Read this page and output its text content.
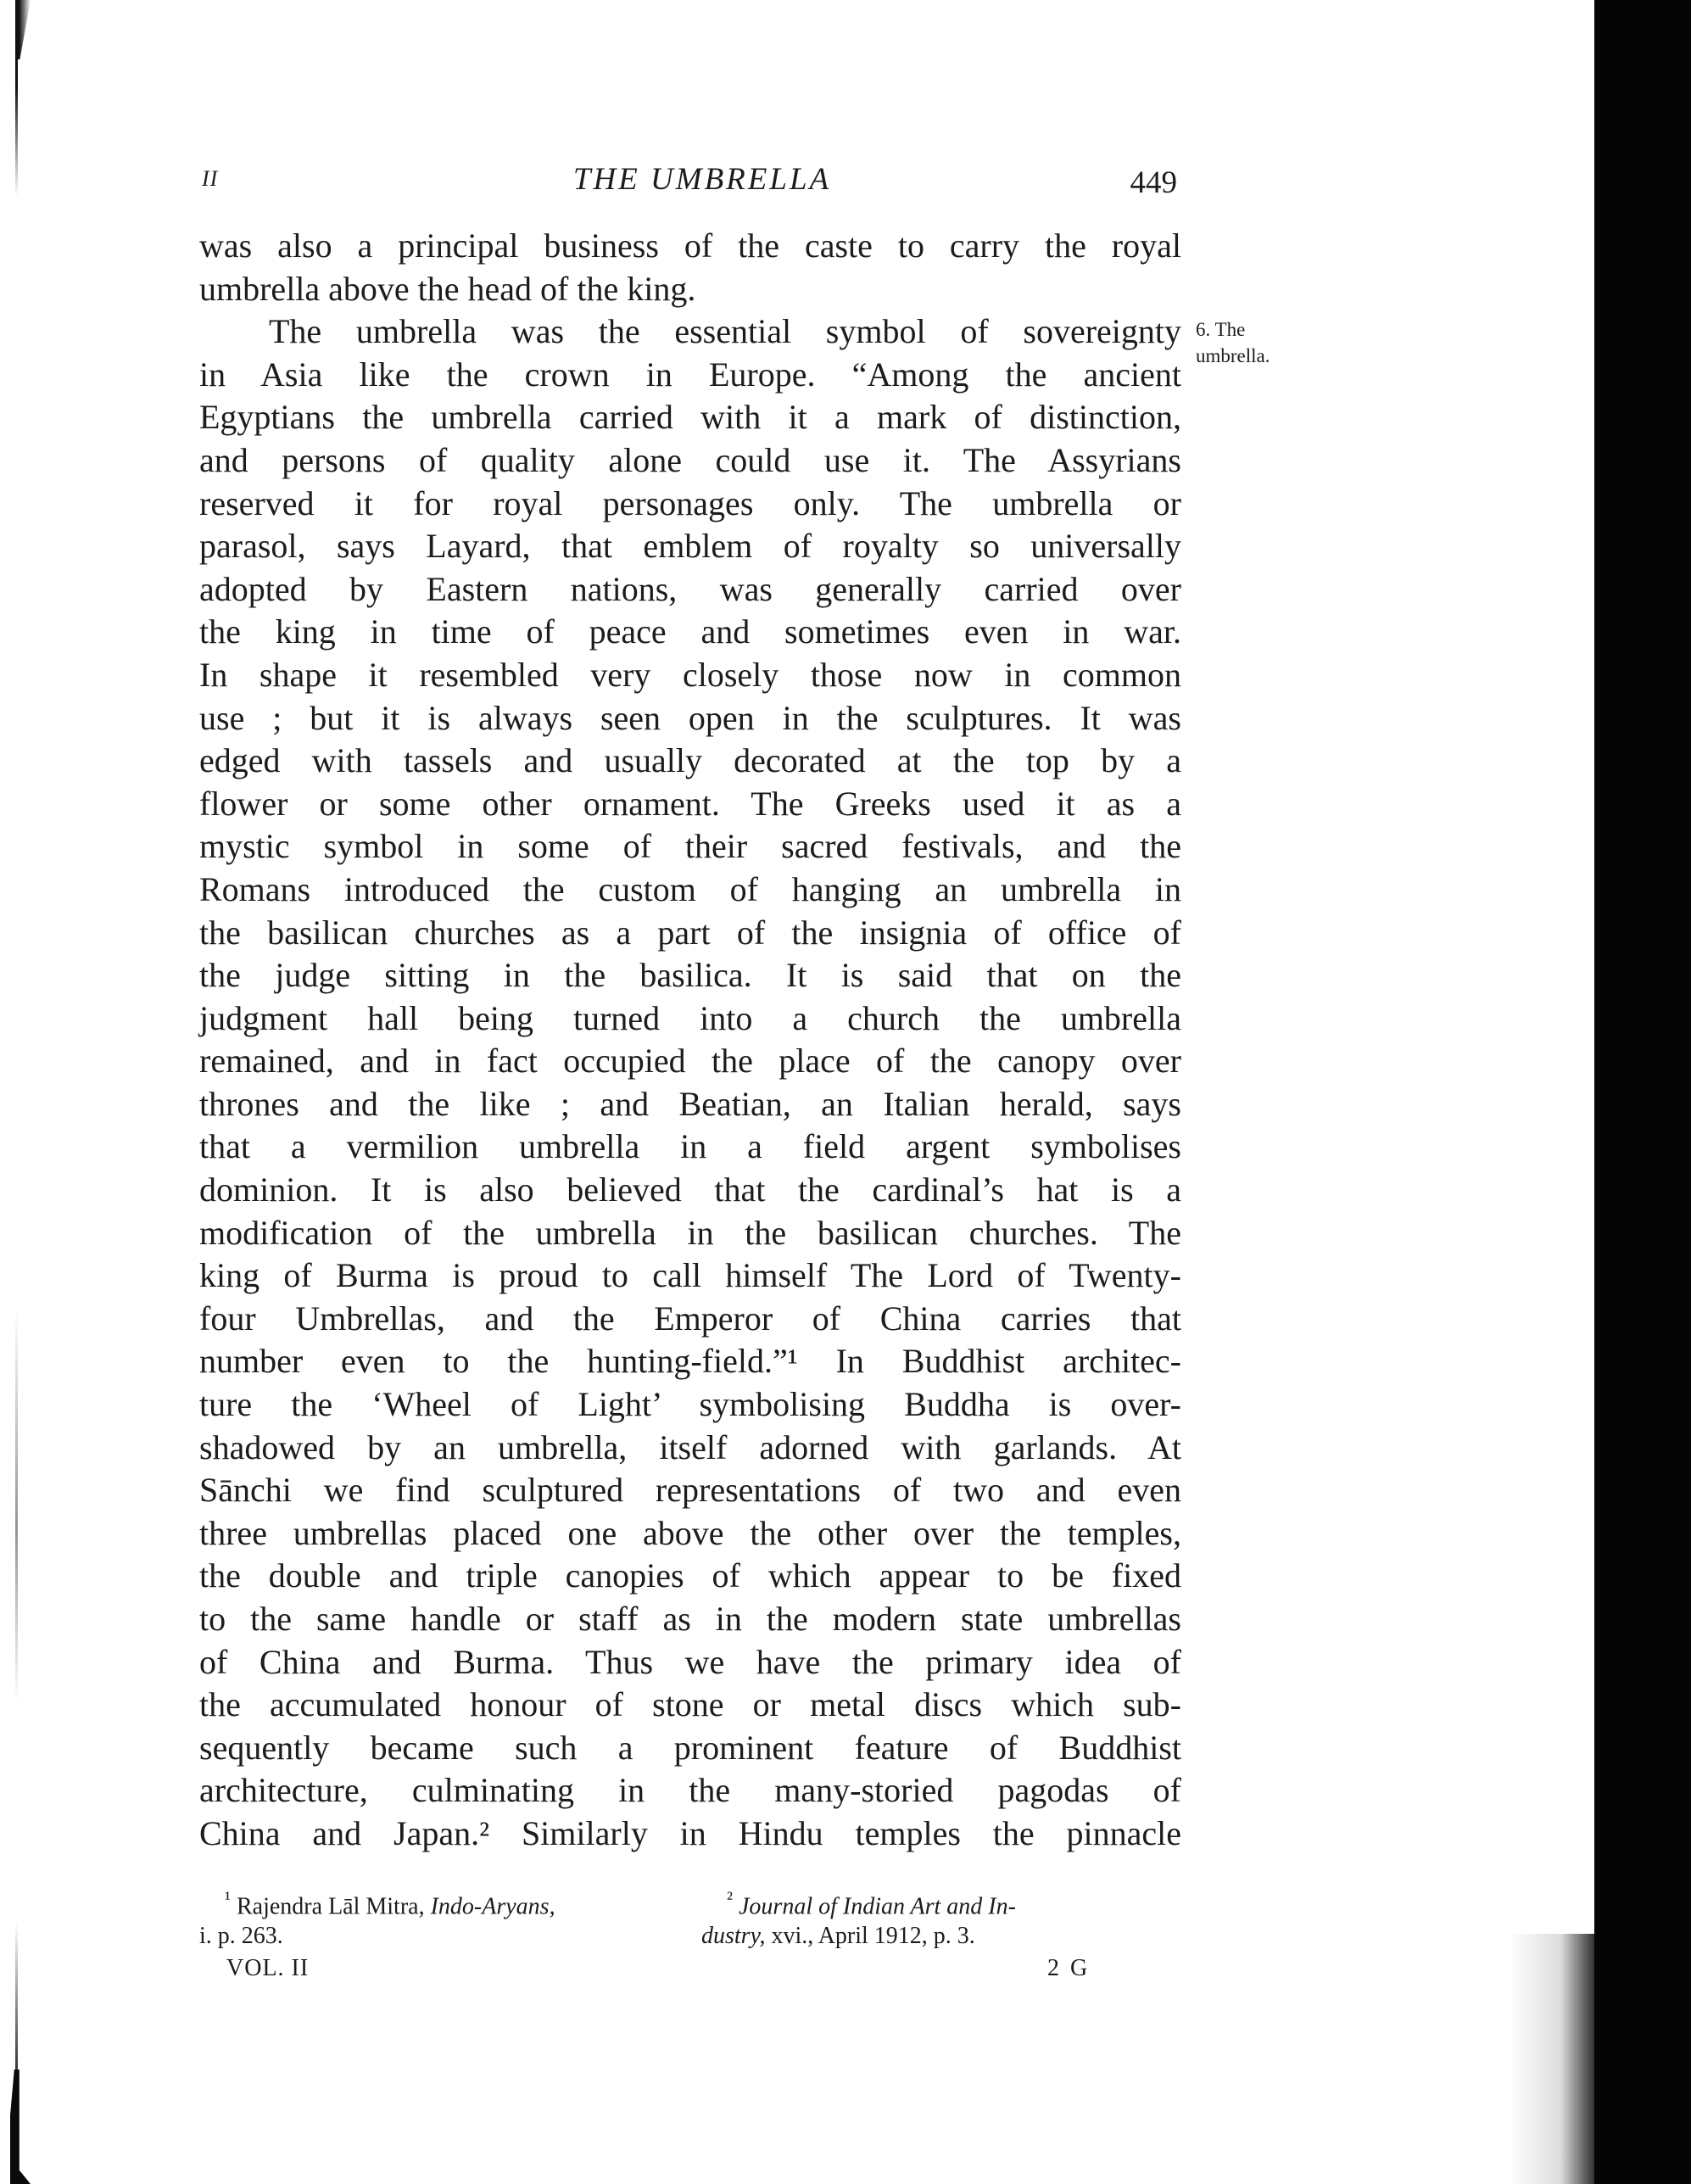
II	THE UMBRELLA	449
was also a principal business of the caste to carry the royal
umbrella above the head of the king.
The umbrella was the essential symbol of sovereignty
in Asia like the crown in Europe. “Among the ancient
Egyptians the umbrella carried with it a mark of distinction,
and persons of quality alone could use it. The Assyrians
reserved it for royal personages only. The umbrella or
parasol, says Layard, that emblem of royalty so universally
adopted by Eastern nations, was generally carried over
the king in time of peace and sometimes even in war.
In shape it resembled very closely those now in common
use ; but it is always seen open in the sculptures. It was
edged with tassels and usually decorated at the top by a
flower or some other ornament. The Greeks used it as a
mystic symbol in some of their sacred festivals, and the
Romans introduced the custom of hanging an umbrella in
the basilican churches as a part of the insignia of office of
the judge sitting in the basilica. It is said that on the
judgment hall being turned into a church the umbrella
remained, and in fact occupied the place of the canopy over
thrones and the like ; and Beatian, an Italian herald, says
that a vermilion umbrella in a field argent symbolises
dominion. It is also believed that the cardinal’s hat is a
modification of the umbrella in the basilican churches. The
king of Burma is proud to call himself The Lord of Twenty-
four Umbrellas, and the Emperor of China carries that
number even to the hunting-field.”¹ In Buddhist architec-
ture the ‘Wheel of Light’ symbolising Buddha is over-
shadowed by an umbrella, itself adorned with garlands. At
Sānchi we find sculptured representations of two and even
three umbrellas placed one above the other over the temples,
the double and triple canopies of which appear to be fixed
to the same handle or staff as in the modern state umbrellas
of China and Burma. Thus we have the primary idea of
the accumulated honour of stone or metal discs which sub-
sequently became such a prominent feature of Buddhist
architecture, culminating in the many-storied pagodas of
China and Japan.² Similarly in Hindu temples the pinnacle
6. The
umbrella.
$^{^1}$ Rajendra Lāl Mitra, Indo-Aryans,
i. p. 263.
$^{^2}$ Journal of Indian Art and In-
dustry, xvi., April 1912, p. 3.
VOL. II	2 G
